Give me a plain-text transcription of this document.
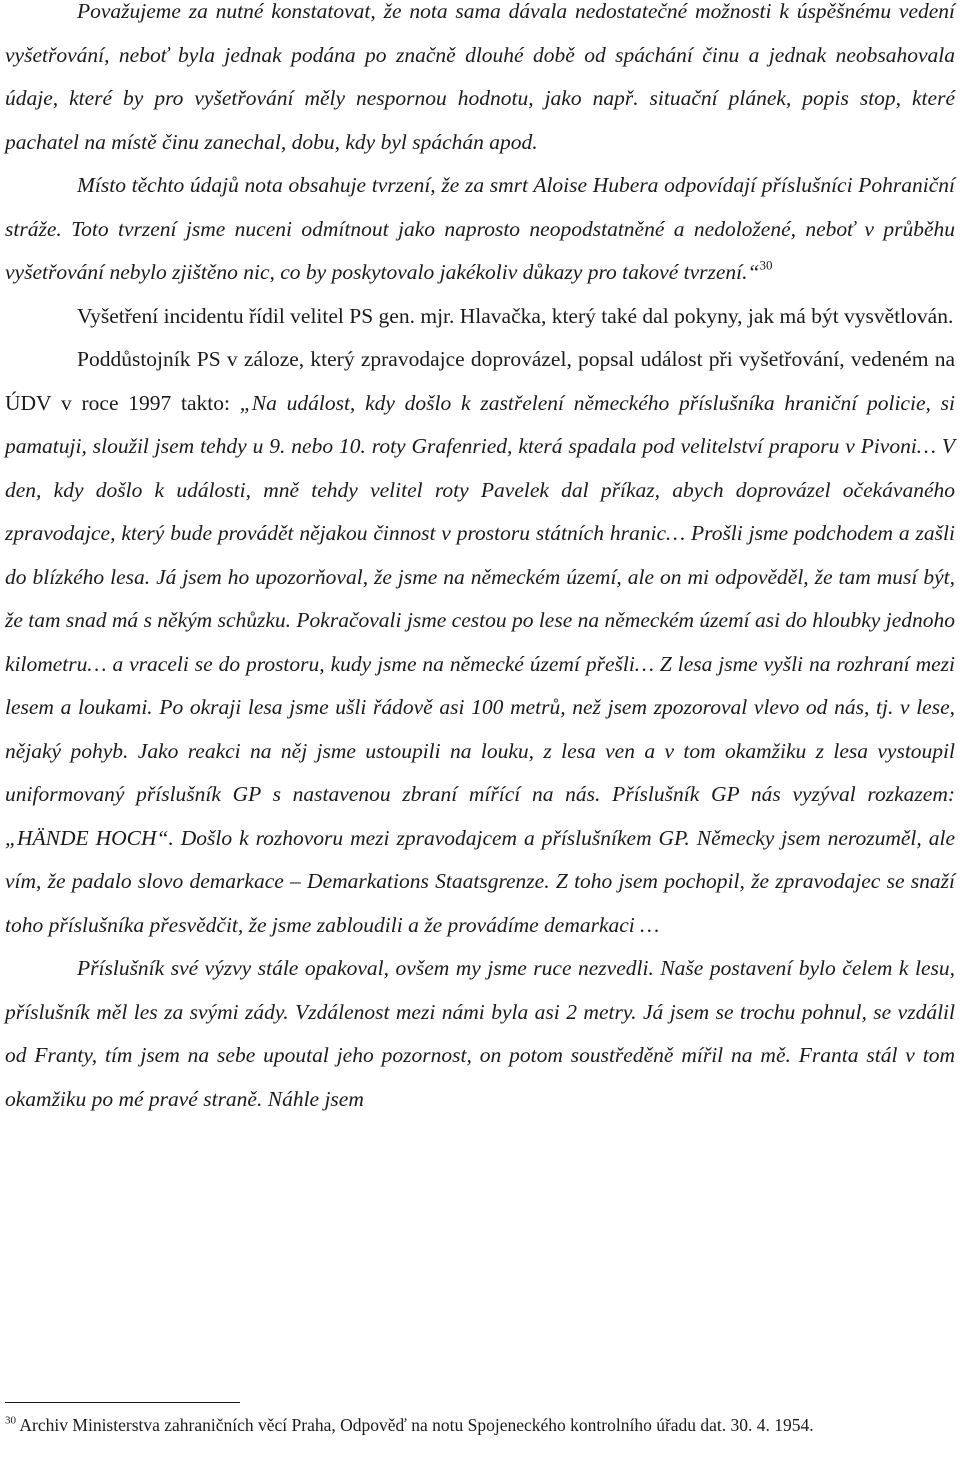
Považujeme za nutné konstatovat, že nota sama dávala nedostatečné možnosti k úspěšnému vedení vyšetřování, neboť byla jednak podána po značně dlouhé době od spáchání činu a jednak neobsahovala údaje, které by pro vyšetřování měly nespornou hodnotu, jako např. situační plánek, popis stop, které pachatel na místě činu zanechal, dobu, kdy byl spáchán apod.

Místo těchto údajů nota obsahuje tvrzení, že za smrt Aloise Hubera odpovídají příslušníci Pohraniční stráže. Toto tvrzení jsme nuceni odmítnout jako naprosto neopodstatněné a nedoložené, neboť v průběhu vyšetřování nebylo zjištěno nic, co by poskytovalo jakékoliv důkazy pro takové tvrzení.“$^{30}$

Vyšetření incidentu řídil velitel PS gen. mjr. Hlavačka, který také dal pokyny, jak má být vysvětlován.

Poddůstojník PS v záloze, který zpravodajce doprovázel, popsal událost při vyšetřování, vedeném na ÚDV v roce 1997 takto: „Na událost, kdy došlo k zastřelení německého příslušníka hraniční policie, si pamatuji, sloužil jsem tehdy u 9. nebo 10. roty Grafenried, která spadala pod velitelství praporu v Pivoni… V den, kdy došlo k události, mně tehdy velitel roty Pavelek dal příkaz, abych doprovázel očekávaného zpravodajce, který bude provádět nějakou činnost v prostoru státních hranic… Prošli jsme podchodem a zašli do blízkého lesa. Já jsem ho upozorňoval, že jsme na německém území, ale on mi odpověděl, že tam musí být, že tam snad má s někým schůzku. Pokračovali jsme cestou po lese na německém území asi do hloubky jednoho kilometru… a vraceli se do prostoru, kudy jsme na německé území přešli… Z lesa jsme vyšli na rozhraní mezi lesem a loukami. Po okraji lesa jsme ušli řádově asi 100 metrů, než jsem zpozoroval vlevo od nás, tj. v lese, nějaký pohyb. Jako reakci na něj jsme ustoupili na louku, z lesa ven a v tom okamžiku z lesa vystoupil uniformovaný příslušník GP s nastavenou zbraní mířící na nás. Příslušník GP nás vyzýval rozkazem: „HÄNDE HOCH“. Došlo k rozhovoru mezi zpravodajcem a příslušníkem GP. Německy jsem nerozuměl, ale vím, že padalo slovo demarkace – Demarkations Staatsgrenze. Z toho jsem pochopil, že zpravodajec se snaží toho příslušníka přesvědčit, že jsme zabloudili a že provádíme demarkaci …

Příslušník své výzvy stále opakoval, ovšem my jsme ruce nezvedli. Naše postavení bylo čelem k lesu, příslušník měl les za svými zády. Vzdálenost mezi námi byla asi 2 metry. Já jsem se trochu pohnul, se vzdálil od Franty, tím jsem na sebe upoutal jeho pozornost, on potom soustředěně mířil na mě. Franta stál v tom okamžiku po mé pravé straně. Náhle jsem

$^{30}$ Archiv Ministerstva zahraničních věcí Praha, Odpověď na notu Spojeneckého kontrolního úřadu dat. 30. 4. 1954.
